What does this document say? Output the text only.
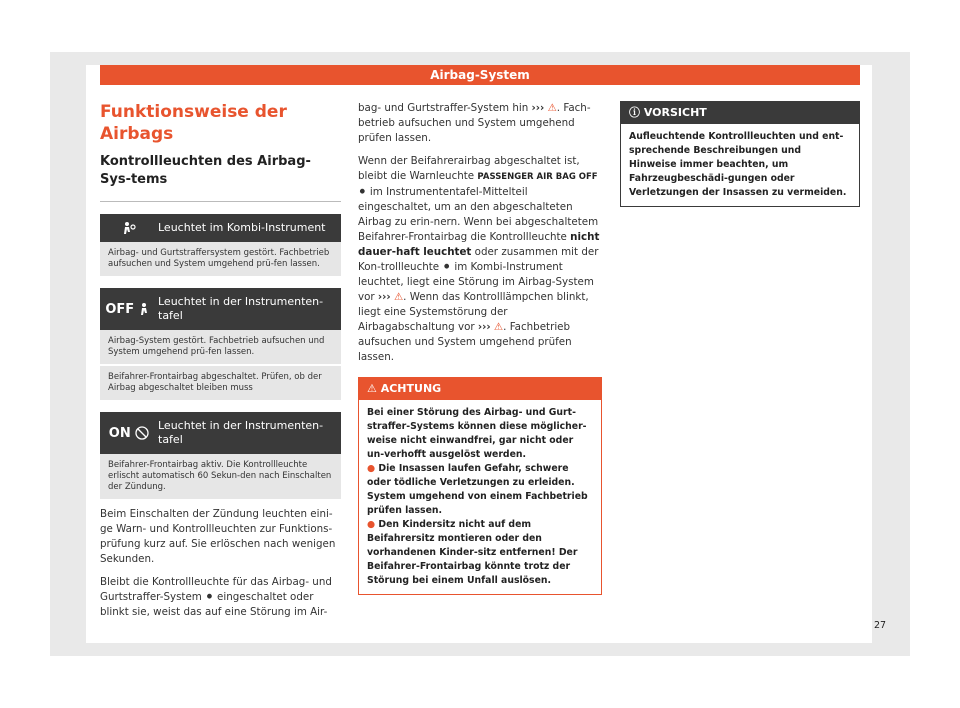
Airbag-System
Funktionsweise der Airbags
Kontrollleuchten des Airbag-Sys-tems
Leuchtet im Kombi-Instrument
Airbag- und Gurtstraffersystem gestört. Fachbetrieb aufsuchen und System umgehend prü-fen lassen.
OFF
Leuchtet in der Instrumenten-tafel
Airbag-System gestört. Fachbetrieb aufsuchen und System umgehend prü-fen lassen.
Beifahrer-Frontairbag abgeschaltet. Prüfen, ob der Airbag abgeschaltet bleiben muss
ON
Leuchtet in der Instrumenten-tafel
Beifahrer-Frontairbag aktiv. Die Kontrollleuchte erlischt automatisch 60 Sekun-den nach Einschalten der Zündung.

Beim Einschalten der Zündung leuchten eini-ge Warn- und Kontrollleuchten zur Funktions-prüfung kurz auf. Sie erlöschen nach wenigen Sekunden.

Bleibt die Kontrollleuchte für das Airbag- und Gurtstraffer-System ⚫ eingeschaltet oder blinkt sie, weist das auf eine Störung im Air-

bag- und Gurtstraffer-System hin ››› ⚠. Fach-betrieb aufsuchen und System umgehend prüfen lassen.

Wenn der Beifahrerairbag abgeschaltet ist, bleibt die Warnleuchte PASSENGER AIR BAG OFF ⚫ im Instrumententafel-Mittelteil eingeschaltet, um an den abgeschalteten Airbag zu erin-nern. Wenn bei abgeschaltetem Beifahrer-Frontairbag die Kontrollleuchte nicht dauer-haft leuchtet oder zusammen mit der Kon-trollleuchte ⚫ im Kombi-Instrument leuchtet, liegt eine Störung im Airbag-System vor ››› ⚠. Wenn das Kontrolllämpchen blinkt, liegt eine Systemstörung der Airbagabschaltung vor ››› ⚠. Fachbetrieb aufsuchen und System umgehend prüfen lassen.

⚠ ACHTUNG
Bei einer Störung des Airbag- und Gurt-straffer-Systems können diese möglicher-weise nicht einwandfrei, gar nicht oder un-verhofft ausgelöst werden.
● Die Insassen laufen Gefahr, schwere oder tödliche Verletzungen zu erleiden. System umgehend von einem Fachbetrieb prüfen lassen.
● Den Kindersitz nicht auf dem Beifahrersitz montieren oder den vorhandenen Kinder-sitz entfernen! Der Beifahrer-Frontairbag könnte trotz der Störung bei einem Unfall auslösen.
ⓘ VORSICHT
Aufleuchtende Kontrollleuchten und ent-sprechende Beschreibungen und Hinweise immer beachten, um Fahrzeugbeschädi-gungen oder Verletzungen der Insassen zu vermeiden.
27
